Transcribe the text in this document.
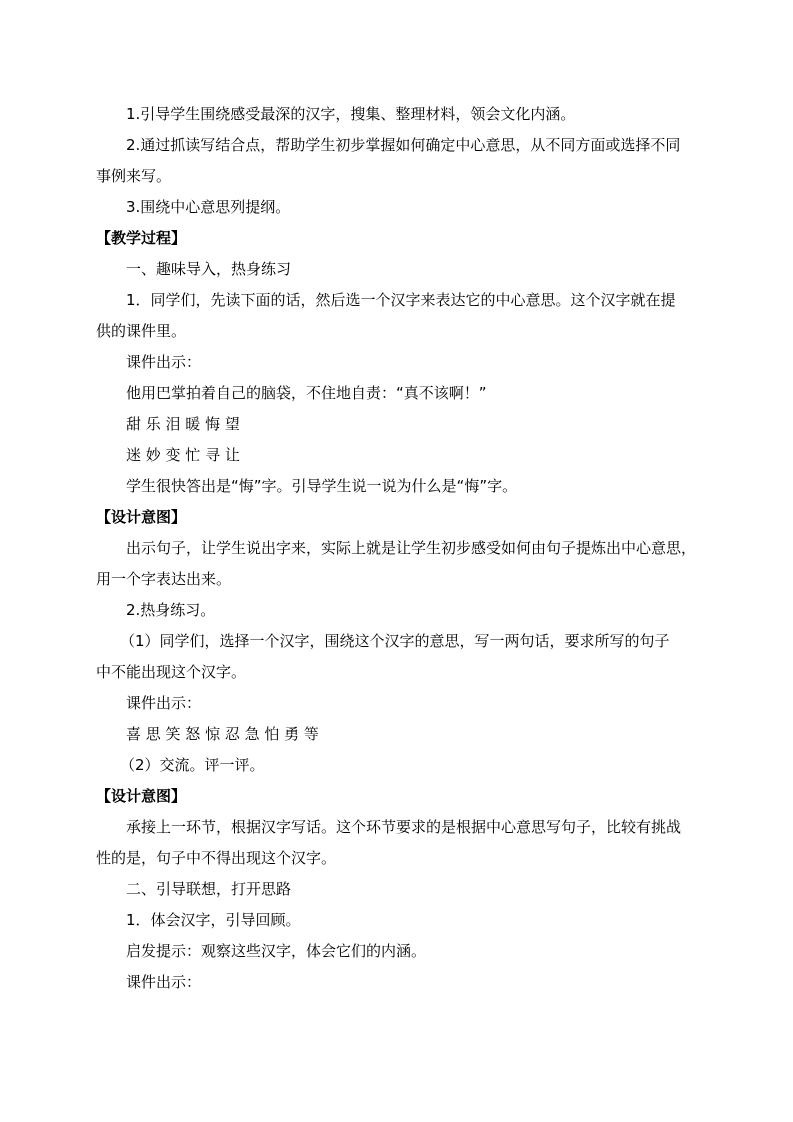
1.引导学生围绕感受最深的汉字，搜集、整理材料，领会文化内涵。
2.通过抓读写结合点，帮助学生初步掌握如何确定中心意思，从不同方面或选择不同
事例来写。
3.围绕中心意思列提纲。
【教学过程】
一、趣味导入，热身练习
1．同学们，先读下面的话，然后选一个汉字来表达它的中心意思。这个汉字就在提
供的课件里。
课件出示：
他用巴掌拍着自己的脑袋，不住地自责：“真不该啊！”
甜 乐 泪 暖 悔 望
迷 妙 变 忙 寻 让
学生很快答出是“悔”字。引导学生说一说为什么是“悔”字。
【设计意图】
出示句子，让学生说出字来，实际上就是让学生初步感受如何由句子提炼出中心意思，
用一个字表达出来。
2.热身练习。
（1）同学们，选择一个汉字，围绕这个汉字的意思，写一两句话，要求所写的句子
中不能出现这个汉字。
课件出示：
喜 思 笑 怒 惊 忍 急 怕 勇 等
（2）交流。评一评。
【设计意图】
承接上一环节，根据汉字写话。这个环节要求的是根据中心意思写句子，比较有挑战
性的是，句子中不得出现这个汉字。
二、引导联想，打开思路
1．体会汉字，引导回顾。
启发提示：观察这些汉字，体会它们的内涵。
课件出示：
